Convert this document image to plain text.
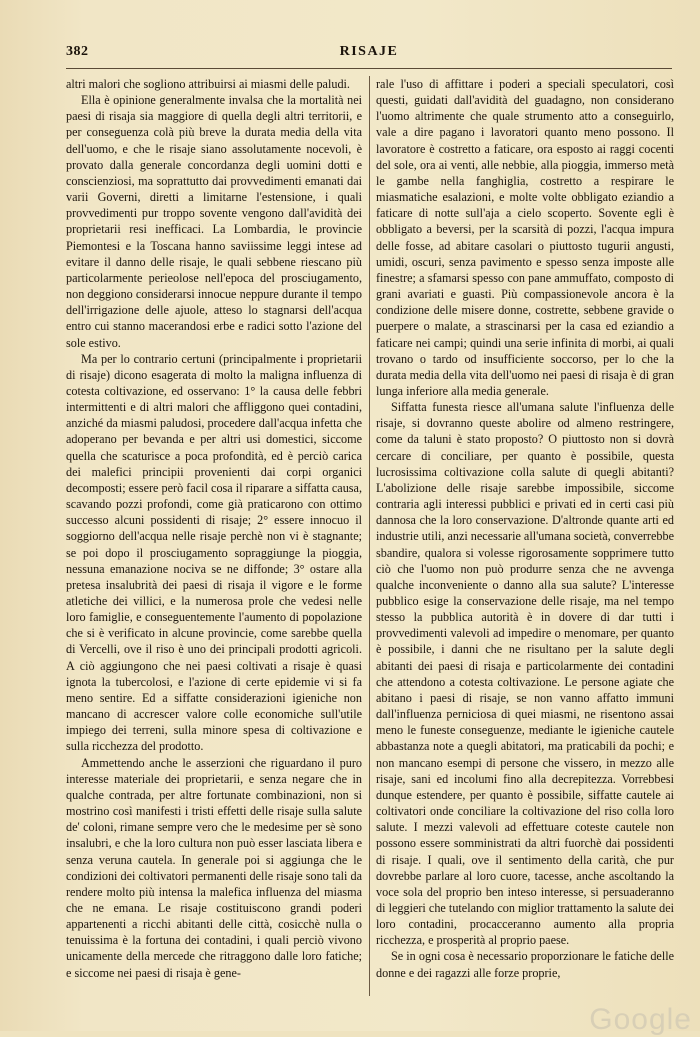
382	RISAJE

altri malori che sogliono attribuirsi ai miasmi delle paludi.

Ella è opinione generalmente invalsa che la mortalità nei paesi di risaja sia maggiore di quella degli altri territorii, e per conseguenza colà più breve la durata media della vita dell'uomo, e che le risaje siano assolutamente nocevoli, è provato dalla generale concordanza degli uomini dotti e conscienziosi, ma soprattutto dai provvedimenti emanati dai varii Governi, diretti a limitarne l'estensione, i quali provvedimenti pur troppo sovente vengono dall'avidità dei proprietarii resi inefficaci. La Lombardia, le provincie Piemontesi e la Toscana hanno saviissime leggi intese ad evitare il danno delle risaje, le quali sebbene riescano più particolarmente perieolose nell'epoca del prosciugamento, non deggiono considerarsi innocue neppure durante il tempo dell'irrigazione delle ajuole, atteso lo stagnarsi dell'acqua entro cui stanno macerandosi erbe e radici sotto l'azione del sole estivo.

Ma per lo contrario certuni (principalmente i proprietarii di risaje) dicono esagerata di molto la maligna influenza di cotesta coltivazione, ed osservano: 1° la causa delle febbri intermittenti e di altri malori che affliggono quei contadini, anziché da miasmi paludosi, procedere dall'acqua infetta che adoperano per bevanda e per altri usi domestici, siccome quella che scaturisce a poca profondità, ed è perciò carica dei malefici principii provenienti dai corpi organici decomposti; essere però facil cosa il riparare a siffatta causa, scavando pozzi profondi, come già praticarono con ottimo successo alcuni possidenti di risaje; 2° essere innocuo il soggiorno dell'acqua nelle risaje perchè non vi è stagnante; se poi dopo il prosciugamento sopraggiunge la pioggia, nessuna emanazione nociva se ne diffonde; 3° ostare alla pretesa insalubrità dei paesi di risaja il vigore e le forme atletiche dei villici, e la numerosa prole che vedesi nelle loro famiglie, e conseguentemente l'aumento di popolazione che si è verificato in alcune provincie, come sarebbe quella di Vercelli, ove il riso è uno dei principali prodotti agricoli. A ciò aggiungono che nei paesi coltivati a risaje è quasi ignota la tubercolosi, e l'azione di certe epidemie vi si fa meno sentire. Ed a siffatte considerazioni igieniche non mancano di accrescer valore colle economiche sull'utile impiego dei terreni, sulla minore spesa di coltivazione e sulla ricchezza del prodotto.

Ammettendo anche le asserzioni che riguardano il puro interesse materiale dei proprietarii, e senza negare che in qualche contrada, per altre fortunate combinazioni, non si mostrino così manifesti i tristi effetti delle risaje sulla salute de' coloni, rimane sempre vero che le medesime per sè sono insalubri, e che la loro cultura non può esser lasciata libera e senza veruna cautela. In generale poi si aggiunga che le condizioni dei coltivatori permanenti delle risaje sono tali da rendere molto più intensa la malefica influenza del miasma che ne emana. Le risaje costituiscono grandi poderi appartenenti a ricchi abitanti delle città, cosicchè nulla o tenuissima è la fortuna dei contadini, i quali perciò vivono unicamente della mercede che ritraggono dalle loro fatiche; e siccome nei paesi di risaja è gene-

rale l'uso di affittare i poderi a speciali speculatori, così questi, guidati dall'avidità del guadagno, non considerano l'uomo altrimente che quale strumento atto a conseguirlo, vale a dire pagano i lavoratori quanto meno possono. Il lavoratore è costretto a faticare, ora esposto ai raggi cocenti del sole, ora ai venti, alle nebbie, alla pioggia, immerso metà le gambe nella fanghiglia, costretto a respirare le miasmatiche esalazioni, e molte volte obbligato eziandio a faticare di notte sull'aja a cielo scoperto. Sovente egli è obbligato a beversi, per la scarsità di pozzi, l'acqua impura delle fosse, ad abitare casolari o piuttosto tugurii angusti, umidi, oscuri, senza pavimento e spesso senza imposte alle finestre; a sfamarsi spesso con pane ammuffato, composto di grani avariati e guasti. Più compassionevole ancora è la condizione delle misere donne, costrette, sebbene gravide o puerpere o malate, a strascinarsi per la casa ed eziandio a faticare nei campi; quindi una serie infinita di morbi, ai quali trovano o tardo od insufficiente soccorso, per lo che la durata media della vita dell'uomo nei paesi di risaja è di gran lunga inferiore alla media generale.

Siffatta funesta riesce all'umana salute l'influenza delle risaje, si dovranno queste abolire od almeno restringere, come da taluni è stato proposto? O piuttosto non si dovrà cercare di conciliare, per quanto è possibile, questa lucrosissima coltivazione colla salute di quegli abitanti? L'abolizione delle risaje sarebbe impossibile, siccome contraria agli interessi pubblici e privati ed in certi casi più dannosa che la loro conservazione. D'altronde quante arti ed industrie utili, anzi necessarie all'umana società, converrebbe sbandire, qualora si volesse rigorosamente sopprimere tutto ciò che l'uomo non può produrre senza che ne avvenga qualche inconveniente o danno alla sua salute? L'interesse pubblico esige la conservazione delle risaje, ma nel tempo stesso la pubblica autorità è in dovere di dar tutti i provvedimenti valevoli ad impedire o menomare, per quanto è possibile, i danni che ne risultano per la salute degli abitanti dei paesi di risaja e particolarmente dei contadini che attendono a cotesta coltivazione. Le persone agiate che abitano i paesi di risaje, se non vanno affatto immuni dall'influenza perniciosa di quei miasmi, ne risentono assai meno le funeste conseguenze, mediante le igieniche cautele abbastanza note a quegli abitatori, ma praticabili da pochi; e non mancano esempi di persone che vissero, in mezzo alle risaje, sani ed incolumi fino alla decrepitezza. Vorrebbesi dunque estendere, per quanto è possibile, siffatte cautele ai coltivatori onde conciliare la coltivazione del riso colla loro salute. I mezzi valevoli ad effettuare coteste cautele non possono essere somministrati da altri fuorchè dai possidenti di risaje. I quali, ove il sentimento della carità, che pur dovrebbe parlare al loro cuore, tacesse, anche ascoltando la voce sola del proprio ben inteso interesse, si persuaderanno di leggieri che tutelando con miglior trattamento la salute dei loro contadini, procacceranno aumento alla propria ricchezza, e prosperità al proprio paese.

Se in ogni cosa è necessario proporzionare le fatiche delle donne e dei ragazzi alle forze proprie,

Google
